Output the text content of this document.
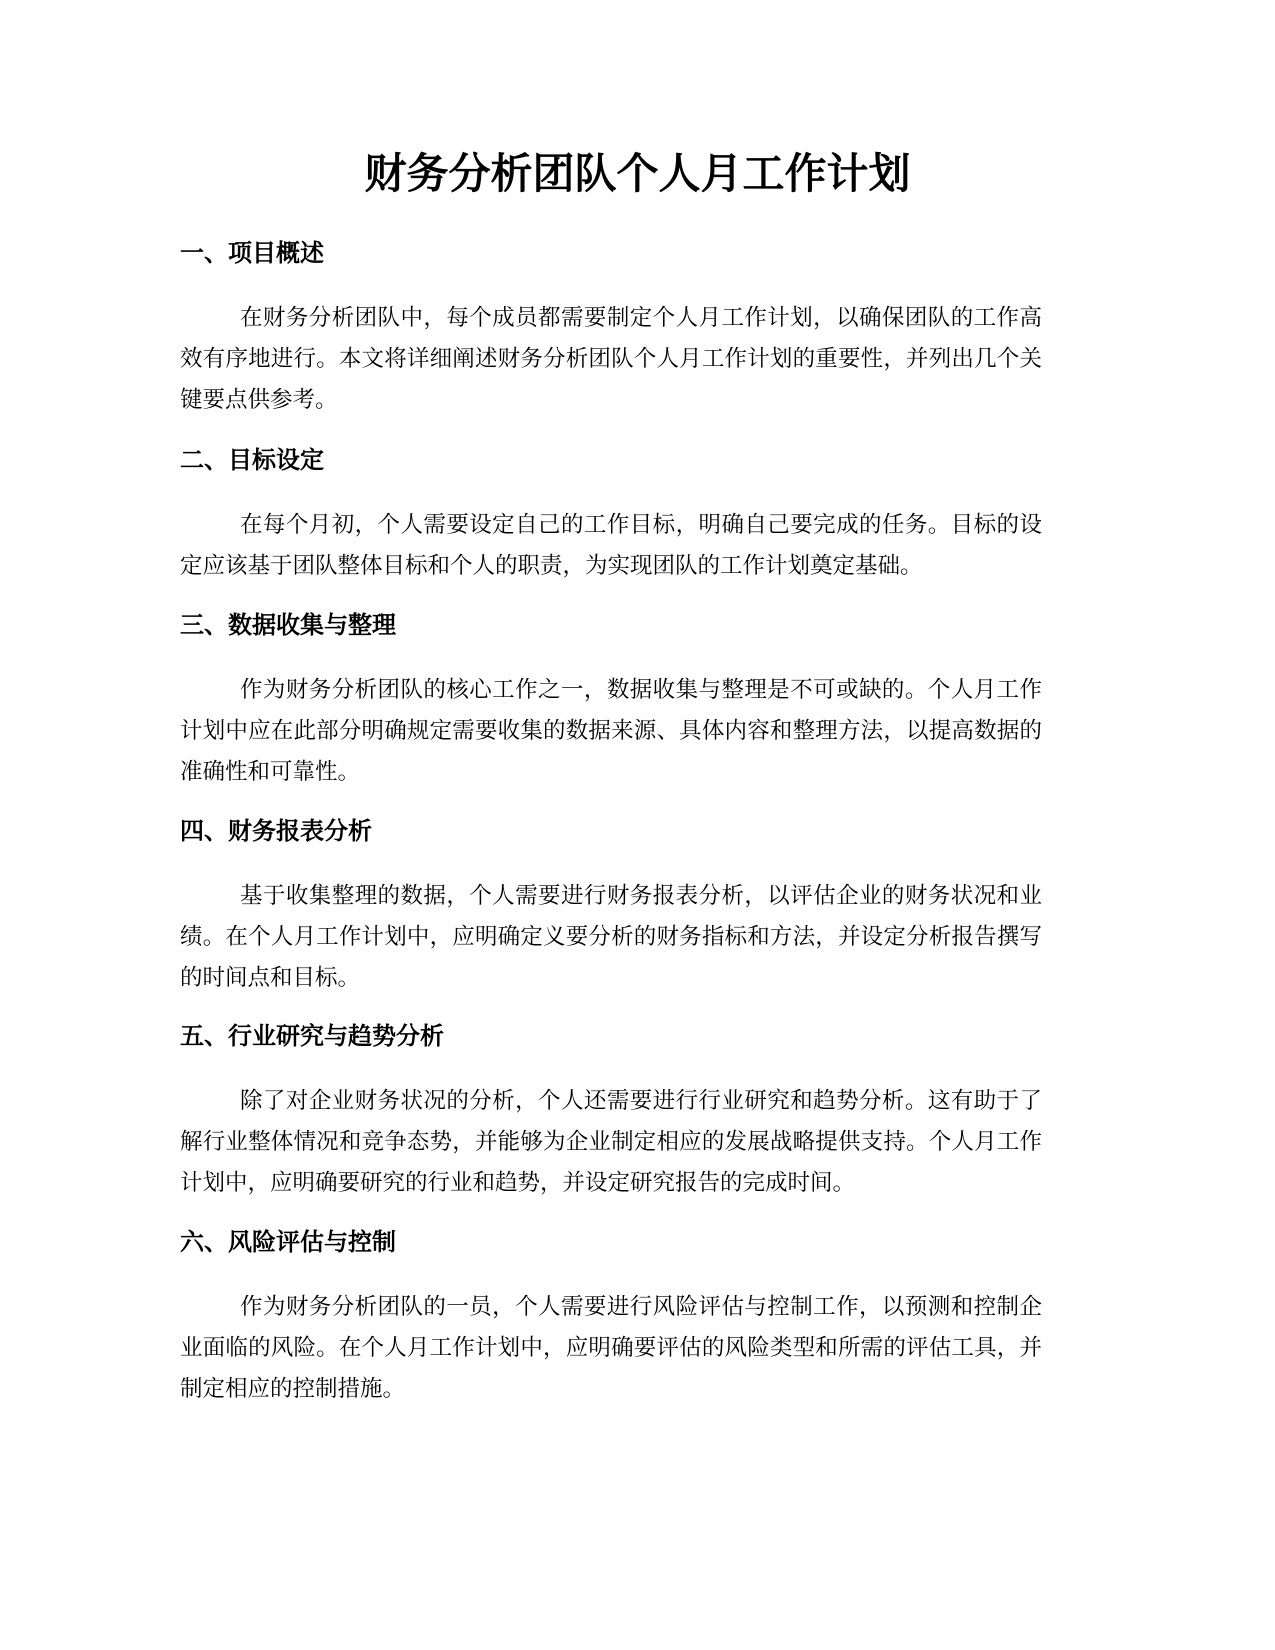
财务分析团队个人月工作计划
一、项目概述

在财务分析团队中，每个成员都需要制定个人月工作计划，以确保团队的工作高效有序地进行。本文将详细阐述财务分析团队个人月工作计划的重要性，并列出几个关键要点供参考。

二、目标设定

在每个月初，个人需要设定自己的工作目标，明确自己要完成的任务。目标的设定应该基于团队整体目标和个人的职责，为实现团队的工作计划奠定基础。

三、数据收集与整理

作为财务分析团队的核心工作之一，数据收集与整理是不可或缺的。个人月工作计划中应在此部分明确规定需要收集的数据来源、具体内容和整理方法，以提高数据的准确性和可靠性。

四、财务报表分析

基于收集整理的数据，个人需要进行财务报表分析，以评估企业的财务状况和业绩。在个人月工作计划中，应明确定义要分析的财务指标和方法，并设定分析报告撰写的时间点和目标。

五、行业研究与趋势分析

除了对企业财务状况的分析，个人还需要进行行业研究和趋势分析。这有助于了解行业整体情况和竞争态势，并能够为企业制定相应的发展战略提供支持。个人月工作计划中，应明确要研究的行业和趋势，并设定研究报告的完成时间。

六、风险评估与控制

作为财务分析团队的一员，个人需要进行风险评估与控制工作，以预测和控制企业面临的风险。在个人月工作计划中，应明确要评估的风险类型和所需的评估工具，并制定相应的控制措施。
